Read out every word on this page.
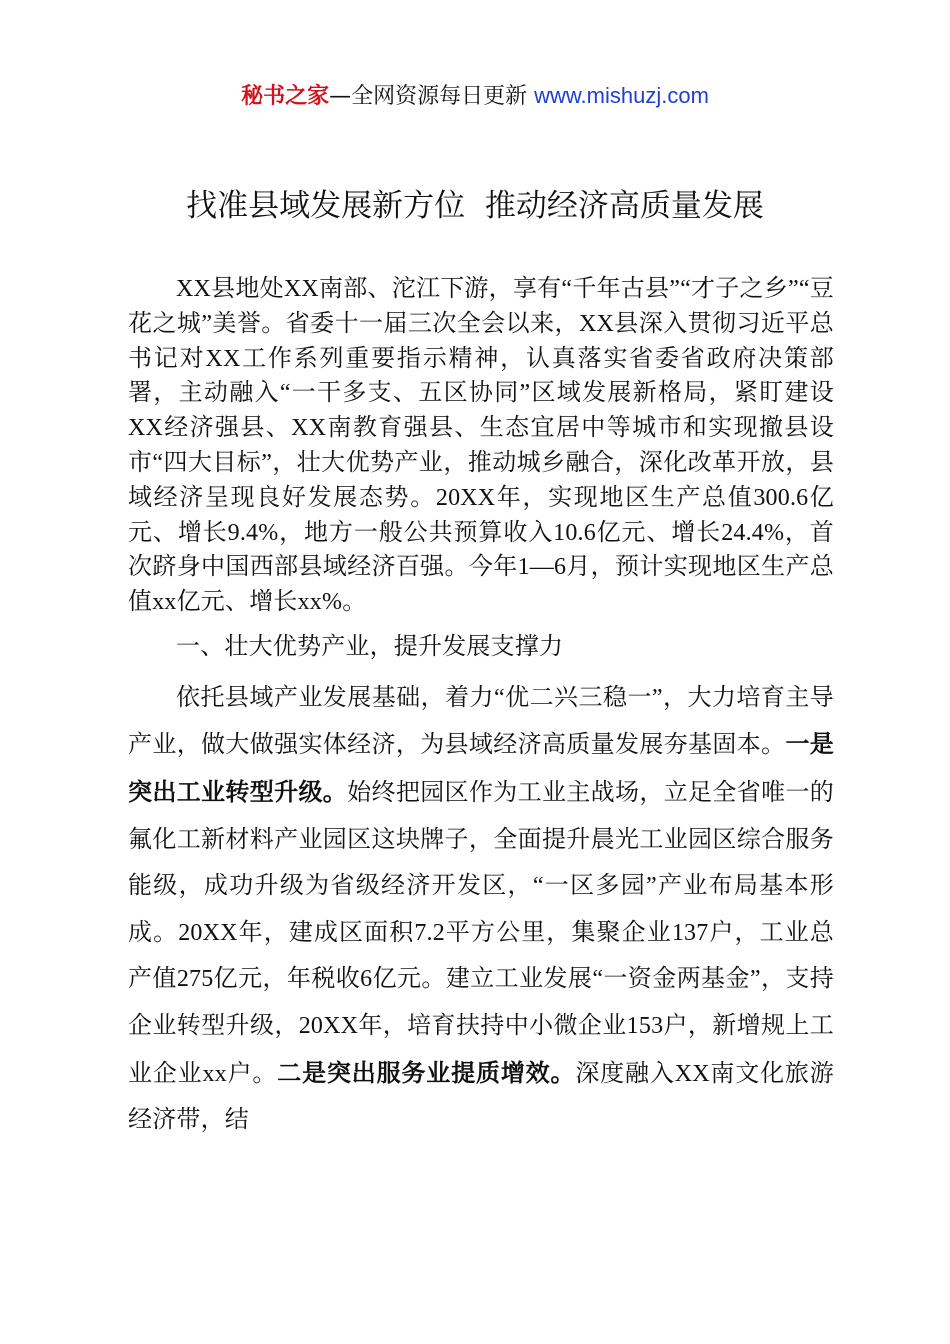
秘书之家—全网资源每日更新 www.mishuzj.com
找准县域发展新方位  推动经济高质量发展

XX县地处XX南部、沱江下游，享有“千年古县”“才子之乡”“豆花之城”美誉。省委十一届三次全会以来，XX县深入贯彻习近平总书记对XX工作系列重要指示精神，认真落实省委省政府决策部署，主动融入“一干多支、五区协同”区域发展新格局，紧盯建设XX经济强县、XX南教育强县、生态宜居中等城市和实现撤县设市“四大目标”，壮大优势产业，推动城乡融合，深化改革开放，县域经济呈现良好发展态势。20XX年，实现地区生产总值300.6亿元、增长9.4%，地方一般公共预算收入10.6亿元、增长24.4%，首次跻身中国西部县域经济百强。今年1—6月，预计实现地区生产总值xx亿元、增长xx%。

一、壮大优势产业，提升发展支撑力

依托县域产业发展基础，着力“优二兴三稳一”，大力培育主导产业，做大做强实体经济，为县域经济高质量发展夯基固本。一是突出工业转型升级。始终把园区作为工业主战场，立足全省唯一的氟化工新材料产业园区这块牌子，全面提升晨光工业园区综合服务能级，成功升级为省级经济开发区，“一区多园”产业布局基本形成。20XX年，建成区面积7.2平方公里，集聚企业137户，工业总产值275亿元，年税收6亿元。建立工业发展“一资金两基金”，支持企业转型升级，20XX年，培育扶持中小微企业153户，新增规上工业企业xx户。二是突出服务业提质增效。深度融入XX南文化旅游经济带，结
